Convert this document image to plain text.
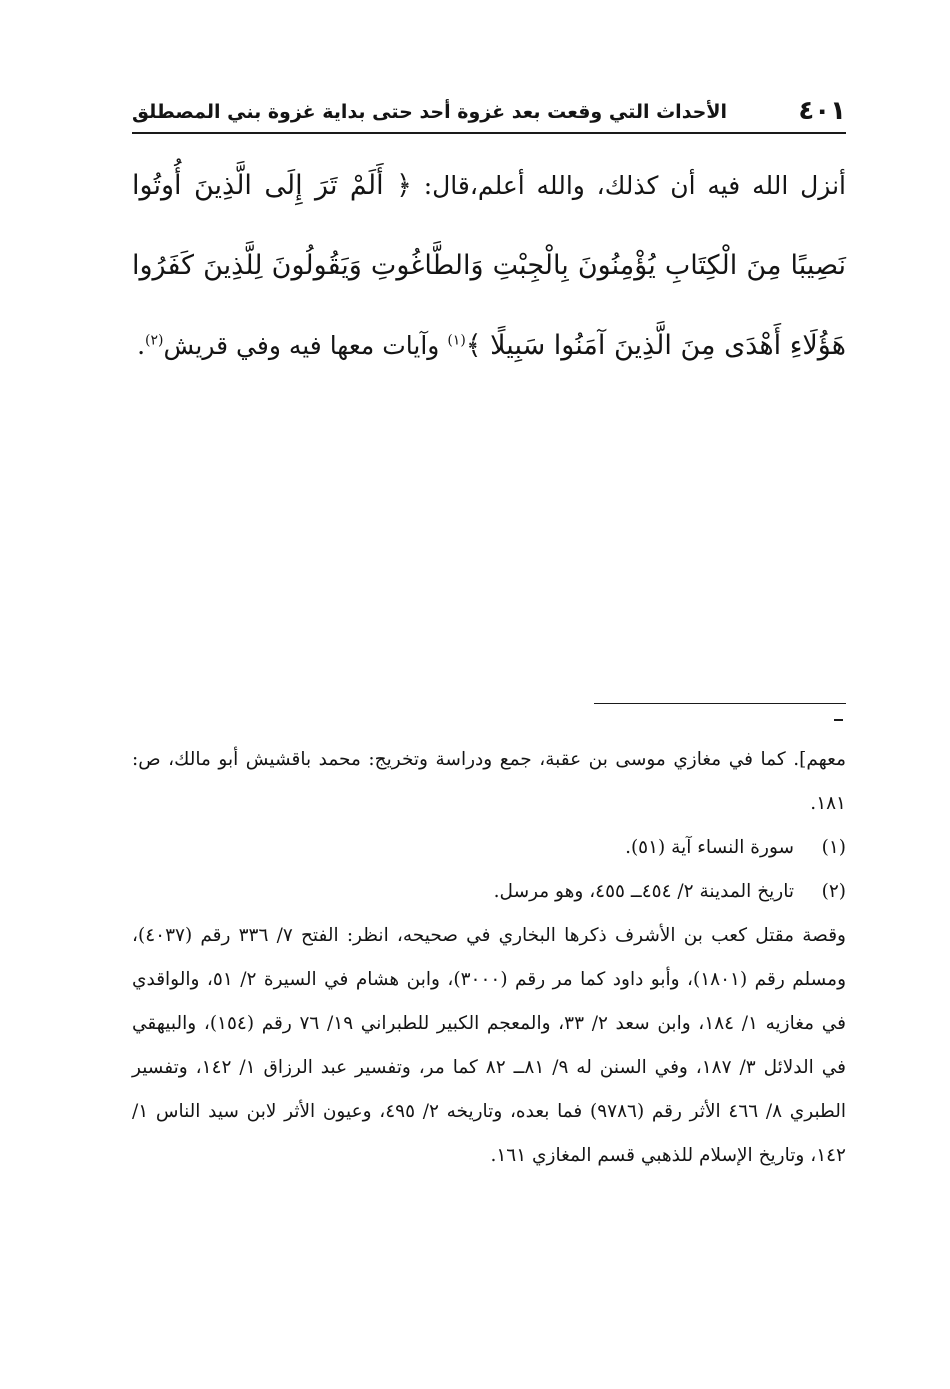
٤٠١
الأحداث التي وقعت بعد غزوة أحد حتى بداية غزوة بني المصطلق
أنزل الله فيه أن كذلك، والله أعلم،قال: ﴿ أَلَمْ تَرَ إِلَى الَّذِينَ أُوتُوا نَصِيبًا مِنَ الْكِتَابِ يُؤْمِنُونَ بِالْجِبْتِ وَالطَّاغُوتِ وَيَقُولُونَ لِلَّذِينَ كَفَرُوا هَؤُلَاءِ أَهْدَى مِنَ الَّذِينَ آمَنُوا سَبِيلًا ﴾$^{(١)}$ وآيات معها فيه وفي قريش$^{(٢)}$.

معهم]. كما في مغازي موسى بن عقبة، جمع ودراسة وتخريج: محمد باقشيش أبو مالك، ص: ١٨١.

(١)
سورة النساء آية (٥١).
(٢)
تاريخ المدينة ٢/ ٤٥٤ــ ٤٥٥، وهو مرسل.

وقصة مقتل كعب بن الأشرف ذكرها البخاري في صحيحه، انظر: الفتح ٧/ ٣٣٦ رقم (٤٠٣٧)، ومسلم رقم (١٨٠١)، وأبو داود كما مر رقم (٣٠٠٠)، وابن هشام في السيرة ٢/ ٥١، والواقدي في مغازيه ١/ ١٨٤، وابن سعد ٢/ ٣٣، والمعجم الكبير للطبراني ١٩/ ٧٦ رقم (١٥٤)، والبيهقي في الدلائل ٣/ ١٨٧، وفي السنن له ٩/ ٨١ــ ٨٢ كما مر، وتفسير عبد الرزاق ١/ ١٤٢، وتفسير الطبري ٨/ ٤٦٦ الأثر رقم (٩٧٨٦) فما بعده، وتاريخه ٢/ ٤٩٥، وعيون الأثر لابن سيد الناس ١/ ١٤٢، وتاريخ الإسلام للذهبي قسم المغازي ١٦١.
